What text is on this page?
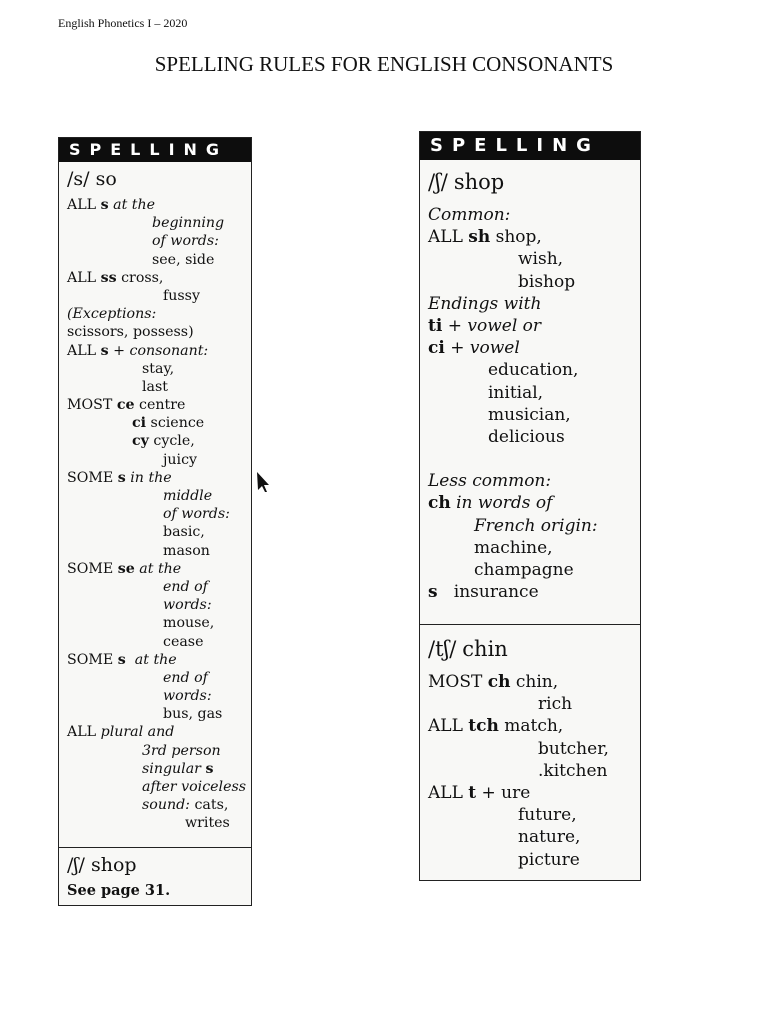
English Phonetics I – 2020
SPELLING RULES FOR ENGLISH CONSONANTS
SPELLING
/s/ so
ALL s at the
beginning
of words:
see, side
ALL ss cross,
fussy
(Exceptions:
scissors, possess)
ALL s + consonant:
stay,
last
MOST ce centre
ci science
cy cycle,
juicy
SOME s in the
middle
of words:
basic,
mason
SOME se at the
end of
words:
mouse,
cease
SOME s  at the
end of
words:
bus, gas
ALL plural and
3rd person
singular s
after voiceless
sound: cats,
writes
/ʃ/ shop
See page 31.
SPELLING
/ʃ/ shop
Common:
ALL sh shop,
wish,
bishop
Endings with
ti + vowel or
ci + vowel
education,
initial,
musician,
delicious

Less common:
ch in words of
French origin:
machine,
champagne
s   insurance
/tʃ/ chin
MOST ch chin,
rich
ALL tch match,
butcher,
.kitchen
ALL t + ure
future,
nature,
picture
